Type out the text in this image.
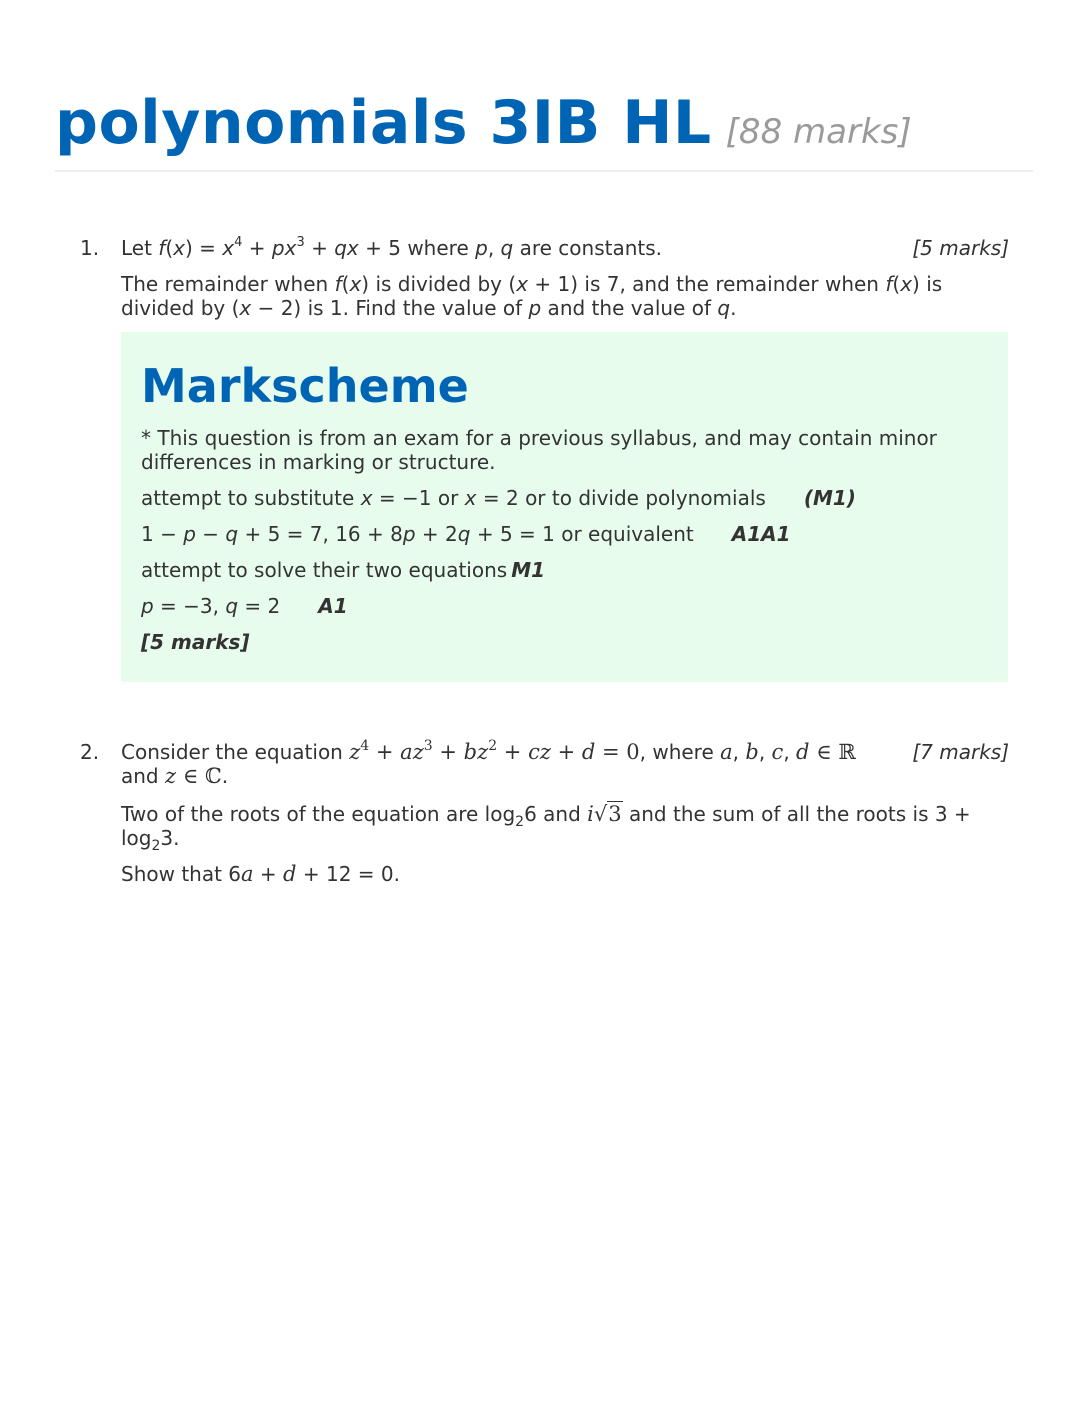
polynomials 3IB HL [88 marks]
1. Let $f(x) = x^4 + px^3$ + qx + 5 where p, q are constants.	[5 marks]
The remainder when f(x) is divided by (x + 1) is 7, and the remainder when f(x) is divided by (x − 2) is 1. Find the value of p and the value of q.
Markscheme
* This question is from an exam for a previous syllabus, and may contain minor differences in marking or structure.
attempt to substitute x = −1 or x = 2 or to divide polynomials (M1)
1 − p − q + 5 = 7, 16 + 8p + 2q + 5 = 1 or equivalent A1A1
attempt to solve their two equations M1
p = −3, q = 2 A1
[5 marks]
2. Consider the equation $z^4 + az^3 + bz^2$ + cz + d = 0, where a, b, c, d ∈ ℝ and z ∈ ℂ.
[7 marks]
Two of the roots of the equation are $\log_26$ and i√3 and the sum of all the roots is $3 + \log_23$.
Show that 6a + d + 12 = 0.
